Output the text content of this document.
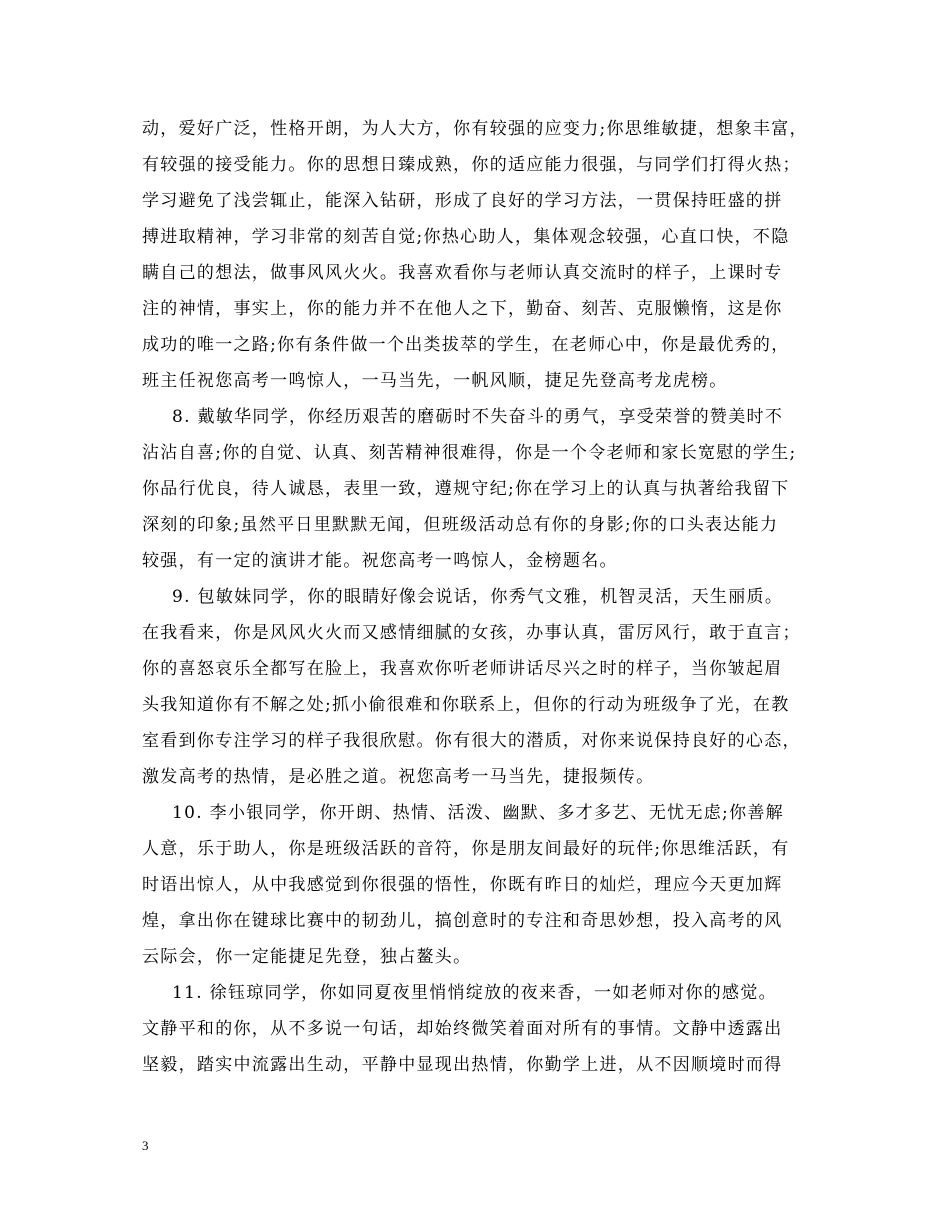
动，爱好广泛，性格开朗，为人大方，你有较强的应变力;你思维敏捷，想象丰富，
有较强的接受能力。你的思想日臻成熟，你的适应能力很强，与同学们打得火热；
学习避免了浅尝辄止，能深入钻研，形成了良好的学习方法，一贯保持旺盛的拼
搏进取精神，学习非常的刻苦自觉;你热心助人，集体观念较强，心直口快，不隐
瞒自己的想法，做事风风火火。我喜欢看你与老师认真交流时的样子，上课时专
注的神情，事实上，你的能力并不在他人之下，勤奋、刻苦、克服懒惰，这是你
成功的唯一之路;你有条件做一个出类拔萃的学生，在老师心中，你是最优秀的，
班主任祝您高考一鸣惊人，一马当先，一帆风顺，捷足先登高考龙虎榜。
8. 戴敏华同学，你经历艰苦的磨砺时不失奋斗的勇气，享受荣誉的赞美时不
沾沾自喜;你的自觉、认真、刻苦精神很难得，你是一个令老师和家长宽慰的学生;
你品行优良，待人诚恳，表里一致，遵规守纪;你在学习上的认真与执著给我留下
深刻的印象;虽然平日里默默无闻，但班级活动总有你的身影;你的口头表达能力
较强，有一定的演讲才能。祝您高考一鸣惊人，金榜题名。
9. 包敏妹同学，你的眼睛好像会说话，你秀气文雅，机智灵活，天生丽质。
在我看来，你是风风火火而又感情细腻的女孩，办事认真，雷厉风行，敢于直言；
你的喜怒哀乐全都写在脸上，我喜欢你听老师讲话尽兴之时的样子，当你皱起眉
头我知道你有不解之处;抓小偷很难和你联系上，但你的行动为班级争了光，在教
室看到你专注学习的样子我很欣慰。你有很大的潜质，对你来说保持良好的心态，
激发高考的热情，是必胜之道。祝您高考一马当先，捷报频传。
10. 李小银同学，你开朗、热情、活泼、幽默、多才多艺、无忧无虑;你善解
人意，乐于助人，你是班级活跃的音符，你是朋友间最好的玩伴;你思维活跃，有
时语出惊人，从中我感觉到你很强的悟性，你既有昨日的灿烂，理应今天更加辉
煌，拿出你在键球比赛中的韧劲儿，搞创意时的专注和奇思妙想，投入高考的风
云际会，你一定能捷足先登，独占鳌头。
11. 徐钰琼同学，你如同夏夜里悄悄绽放的夜来香，一如老师对你的感觉。
文静平和的你，从不多说一句话，却始终微笑着面对所有的事情。文静中透露出
坚毅，踏实中流露出生动，平静中显现出热情，你勤学上进，从不因顺境时而得
3
